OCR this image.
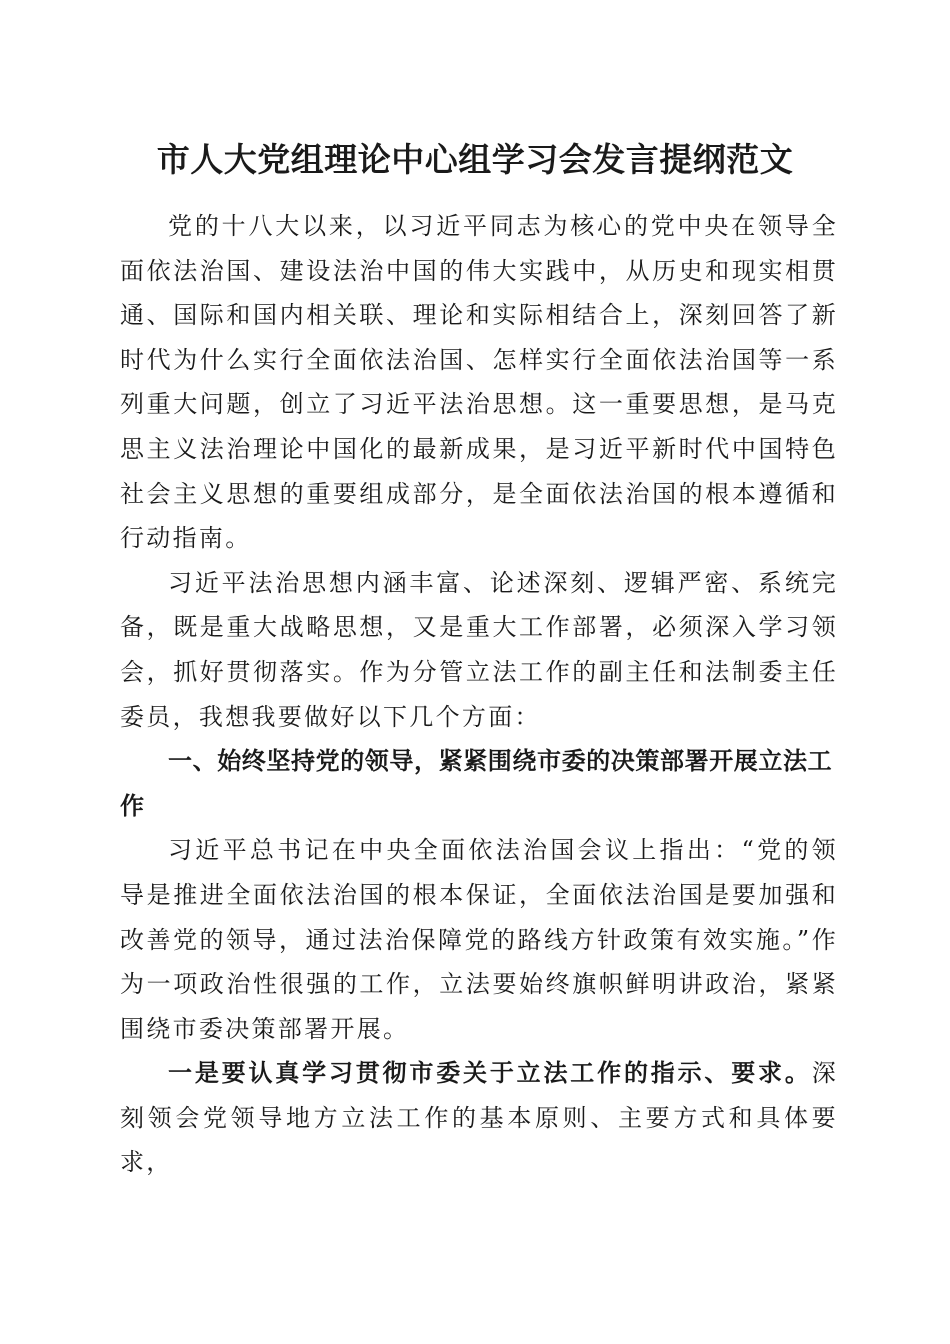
市人大党组理论中心组学习会发言提纲范文

党的十八大以来，以习近平同志为核心的党中央在领导全面依法治国、建设法治中国的伟大实践中，从历史和现实相贯通、国际和国内相关联、理论和实际相结合上，深刻回答了新时代为什么实行全面依法治国、怎样实行全面依法治国等一系列重大问题，创立了习近平法治思想。这一重要思想，是马克思主义法治理论中国化的最新成果，是习近平新时代中国特色社会主义思想的重要组成部分，是全面依法治国的根本遵循和行动指南。

习近平法治思想内涵丰富、论述深刻、逻辑严密、系统完备，既是重大战略思想，又是重大工作部署，必须深入学习领会，抓好贯彻落实。作为分管立法工作的副主任和法制委主任委员，我想我要做好以下几个方面：

一、始终坚持党的领导，紧紧围绕市委的决策部署开展立法工作

习近平总书记在中央全面依法治国会议上指出：“党的领导是推进全面依法治国的根本保证，全面依法治国是要加强和改善党的领导，通过法治保障党的路线方针政策有效实施。”作为一项政治性很强的工作，立法要始终旗帜鲜明讲政治，紧紧围绕市委决策部署开展。

一是要认真学习贯彻市委关于立法工作的指示、要求。深刻领会党领导地方立法工作的基本原则、主要方式和具体要求，
